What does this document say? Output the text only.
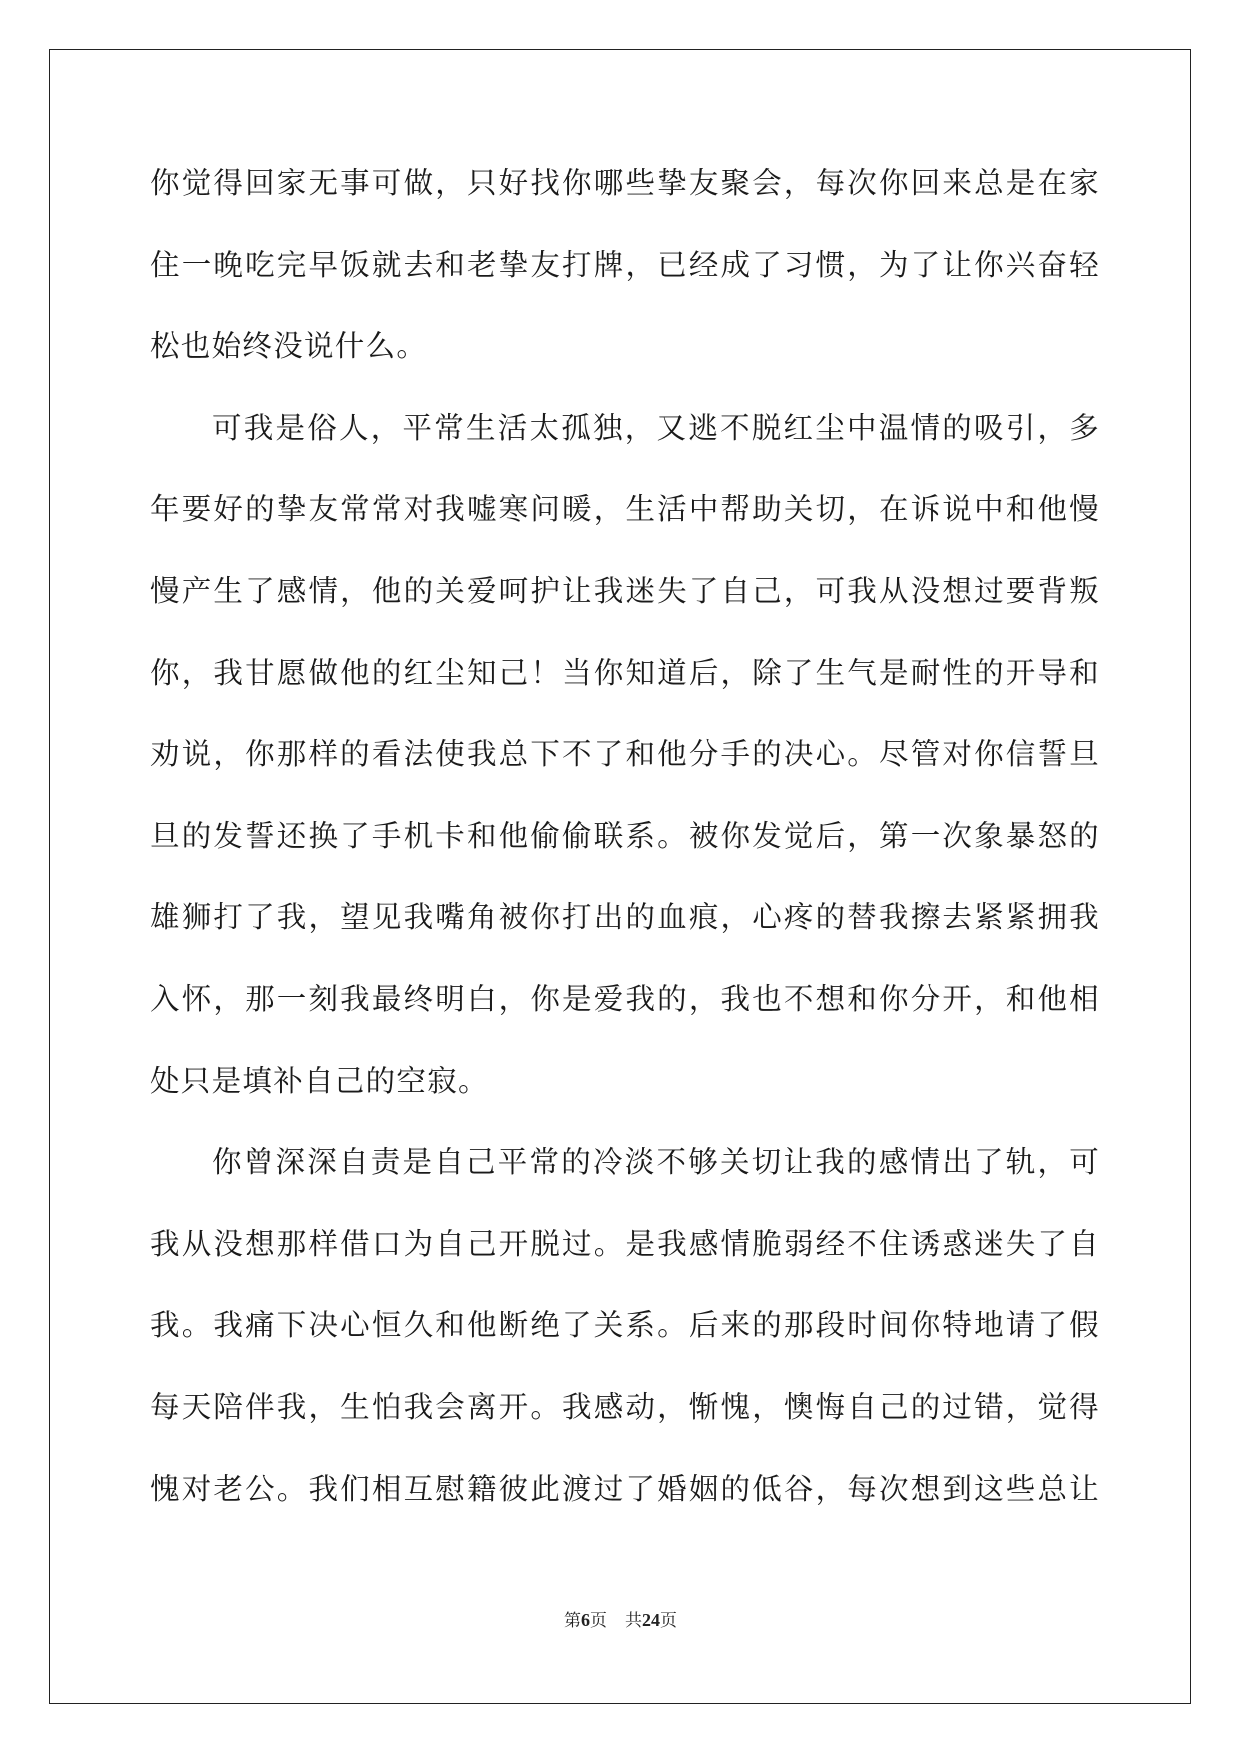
你觉得回家无事可做，只好找你哪些挚友聚会，每次你回来总是在家
住一晚吃完早饭就去和老挚友打牌，已经成了习惯，为了让你兴奋轻
松也始终没说什么。
可我是俗人，平常生活太孤独，又逃不脱红尘中温情的吸引，多
年要好的挚友常常对我嘘寒问暖，生活中帮助关切，在诉说中和他慢
慢产生了感情，他的关爱呵护让我迷失了自己，可我从没想过要背叛
你，我甘愿做他的红尘知己！当你知道后，除了生气是耐性的开导和
劝说，你那样的看法使我总下不了和他分手的决心。尽管对你信誓旦
旦的发誓还换了手机卡和他偷偷联系。被你发觉后，第一次象暴怒的
雄狮打了我，望见我嘴角被你打出的血痕，心疼的替我擦去紧紧拥我
入怀，那一刻我最终明白，你是爱我的，我也不想和你分开，和他相
处只是填补自己的空寂。
你曾深深自责是自己平常的冷淡不够关切让我的感情出了轨，可
我从没想那样借口为自己开脱过。是我感情脆弱经不住诱惑迷失了自
我。我痛下决心恒久和他断绝了关系。后来的那段时间你特地请了假
每天陪伴我，生怕我会离开。我感动，惭愧，懊悔自己的过错，觉得
愧对老公。我们相互慰籍彼此渡过了婚姻的低谷，每次想到这些总让
第6页 共24页
